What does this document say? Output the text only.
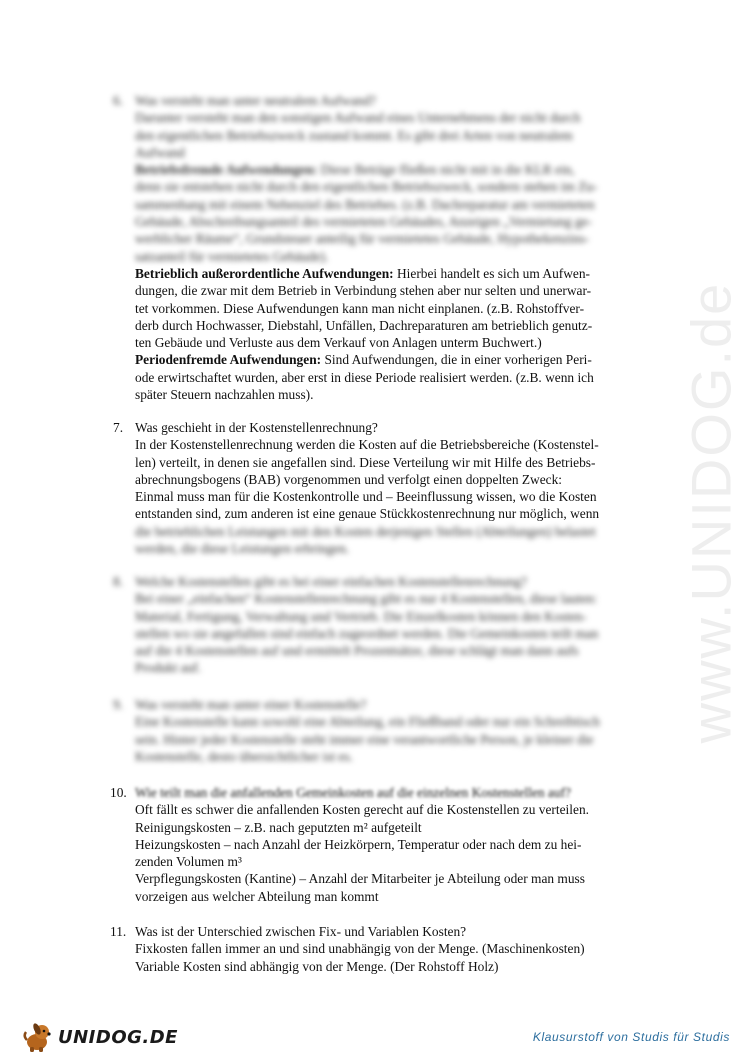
www.UNIDOG.de
6. Was versteht man unter neutralem Aufwand?
Darunter versteht man den sonstigen Aufwand eines Unternehmens der nicht durch
den eigentlichen Betriebszweck zustand kommt. Es gibt drei Arten von neutralem
Aufwand
Betriebsfremde Aufwendungen: Diese Beträge fließen nicht mit in die KLR ein,
denn sie entstehen nicht durch den eigentlichen Betriebszweck, sondern stehen im Zu-
sammenhang mit einem Nebenziel des Betriebes. (z.B. Dachreparatur am vermieteten
Gebäude, Abschreibungsanteil des vermieteten Gebäudes, Anzeigen „Vermietung ge-
werblicher Räume“, Grundsteuer anteilig für vermietetes Gebäude, Hypothekenzins-
satzanteil für vermietetes Gebäude).
Betrieblich außerordentliche Aufwendungen: Hierbei handelt es sich um Aufwen-
dungen, die zwar mit dem Betrieb in Verbindung stehen aber nur selten und unerwar-
tet vorkommen. Diese Aufwendungen kann man nicht einplanen. (z.B. Rohstoffver-
derb durch Hochwasser, Diebstahl, Unfällen, Dachreparaturen am betrieblich genutz-
ten Gebäude und Verluste aus dem Verkauf von Anlagen unterm Buchwert.)
Periodenfremde Aufwendungen: Sind Aufwendungen, die in einer vorherigen Peri-
ode erwirtschaftet wurden, aber erst in diese Periode realisiert werden. (z.B. wenn ich
später Steuern nachzahlen muss).
7. Was geschieht in der Kostenstellenrechnung?
In der Kostenstellenrechnung werden die Kosten auf die Betriebsbereiche (Kostenstel-
len) verteilt, in denen sie angefallen sind. Diese Verteilung wir mit Hilfe des Betriebs-
abrechnungsbogens (BAB) vorgenommen und verfolgt einen doppelten Zweck:
Einmal muss man für die Kostenkontrolle und – Beeinflussung wissen, wo die Kosten
entstanden sind, zum anderen ist eine genaue Stückkostenrechnung nur möglich, wenn
die betrieblichen Leistungen mit den Kosten derjenigen Stellen (Abteilungen) belastet
werden, die diese Leistungen erbringen.
8. Welche Kostenstellen gibt es bei einer einfachen Kostenstellenrechnung?
Bei einer „einfachen“ Kostenstellenrechnung gibt es nur 4 Kostenstellen, diese lauten:
Material, Fertigung, Verwaltung und Vertrieb. Die Einzelkosten können den Kosten-
stellen wo sie angefallen sind einfach zugeordnet werden. Die Gemeinkosten teilt man
auf die 4 Kostenstellen auf und ermittelt Prozentsätze, diese schlägt man dann aufs
Produkt auf.
9. Was versteht man unter einer Kostenstelle?
Eine Kostenstelle kann sowohl eine Abteilung, ein Fließband oder nur ein Schreibtisch
sein. Hinter jeder Kostenstelle steht immer eine verantwortliche Person, je kleiner die
Kostenstelle, desto übersichtlicher ist es.
10. Wie teilt man die anfallenden Gemeinkosten auf die einzelnen Kostenstellen auf?
Oft fällt es schwer die anfallenden Kosten gerecht auf die Kostenstellen zu verteilen.
Reinigungskosten – z.B. nach geputzten m² aufgeteilt
Heizungskosten – nach Anzahl der Heizkörpern, Temperatur oder nach dem zu hei-
zenden Volumen m³
Verpflegungskosten (Kantine) – Anzahl der Mitarbeiter je Abteilung oder man muss
vorzeigen aus welcher Abteilung man kommt
11. Was ist der Unterschied zwischen Fix- und Variablen Kosten?
Fixkosten fallen immer an und sind unabhängig von der Menge. (Maschinenkosten)
Variable Kosten sind abhängig von der Menge. (Der Rohstoff Holz)
UNIDOG.DE	Klausurstoff von Studis für Studis
